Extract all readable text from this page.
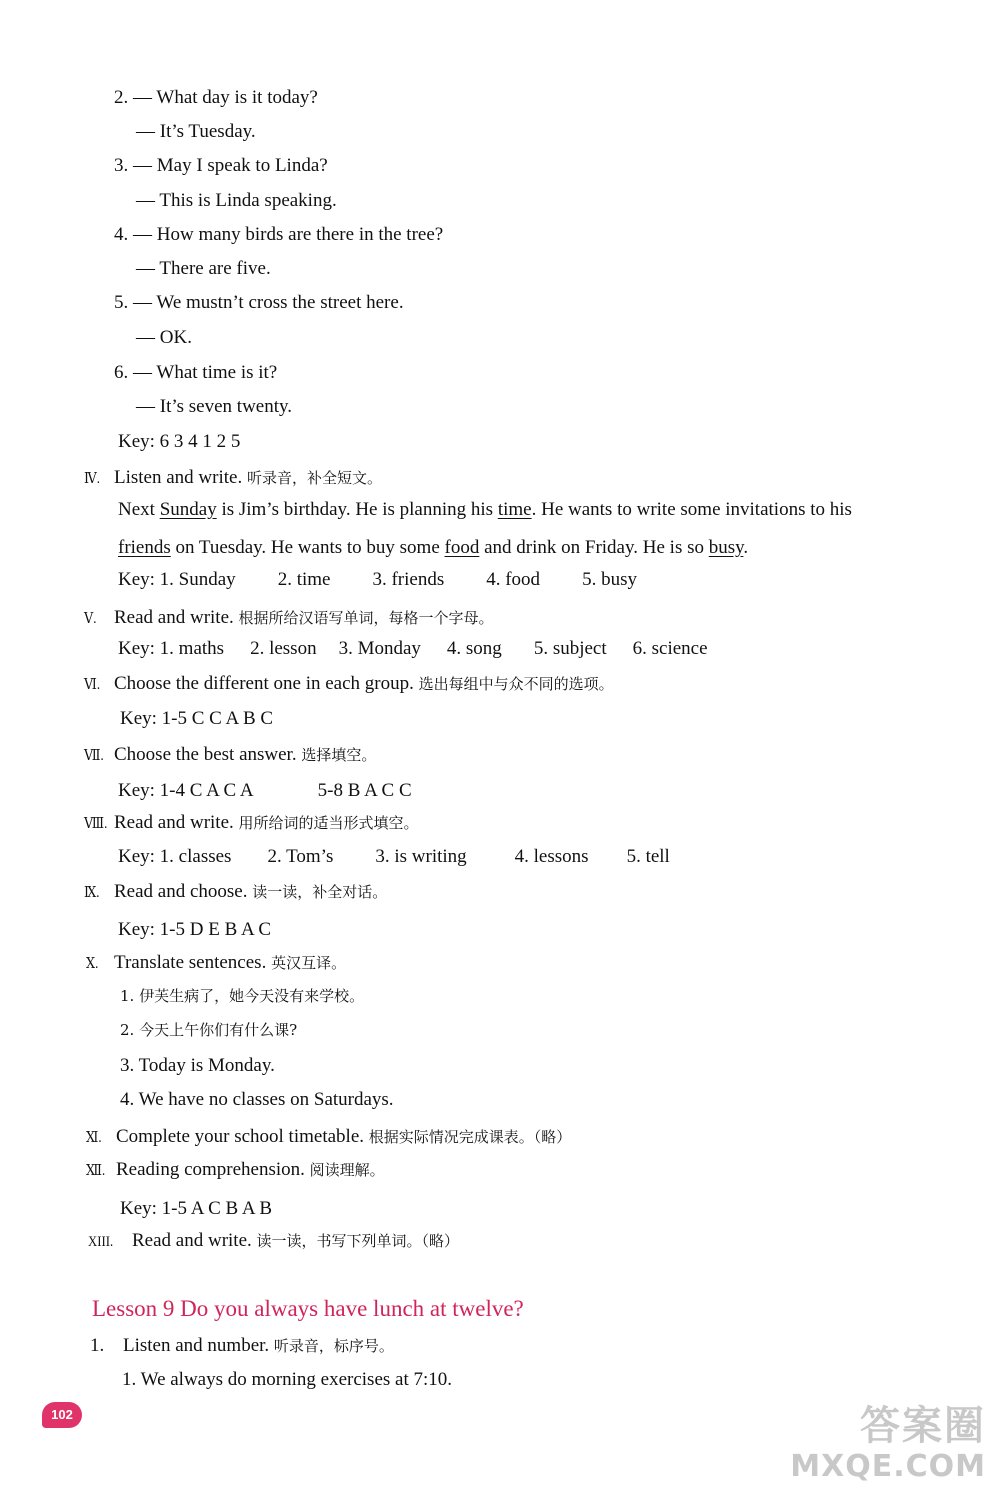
2. — What day is it today?
— It’s Tuesday.
3. — May I speak to Linda?
— This is Linda speaking.
4. — How many birds are there in the tree?
— There are five.
5. — We mustn’t cross the street here.
— OK.
6. — What time is it?
— It’s seven twenty.
Key: 6 3 4 1 2 5
Ⅳ. Listen and write. 听录音，补全短文。
Next Sunday is Jim’s birthday. He is planning his time. He wants to write some invitations to his
friends on Tuesday. He wants to buy some food and drink on Friday. He is so busy.
Key: 1. Sunday 2. time 3. friends 4. food 5. busy
Ⅴ. Read and write. 根据所给汉语写单词，每格一个字母。
Key: 1. maths 2. lesson 3. Monday 4. song 5. subject 6. science
Ⅵ. Choose the different one in each group. 选出每组中与众不同的选项。
Key: 1-5 C C A B C
Ⅶ. Choose the best answer. 选择填空。
Key: 1-4 C A C A	5-8 B A C C
Ⅷ. Read and write. 用所给词的适当形式填空。
Key: 1. classes 2. Tom’s 3. is writing	4. lessons 5. tell
Ⅸ. Read and choose. 读一读，补全对话。
Key: 1-5 D E B A C
Ⅹ. Translate sentences. 英汉互译。
1. 伊芙生病了，她今天没有来学校。
2. 今天上午你们有什么课?
3. Today is Monday.
4. We have no classes on Saturdays.
Ⅺ. Complete your school timetable. 根据实际情况完成课表。（略）
Ⅻ. Reading comprehension. 阅读理解。
Key: 1-5 A C B A B
XIII. Read and write. 读一读，书写下列单词。（略）
Lesson 9 Do you always have lunch at twelve?
1. Listen and number. 听录音，标序号。
1. We always do morning exercises at 7:10.
102	答案圈
MXQE.COM
